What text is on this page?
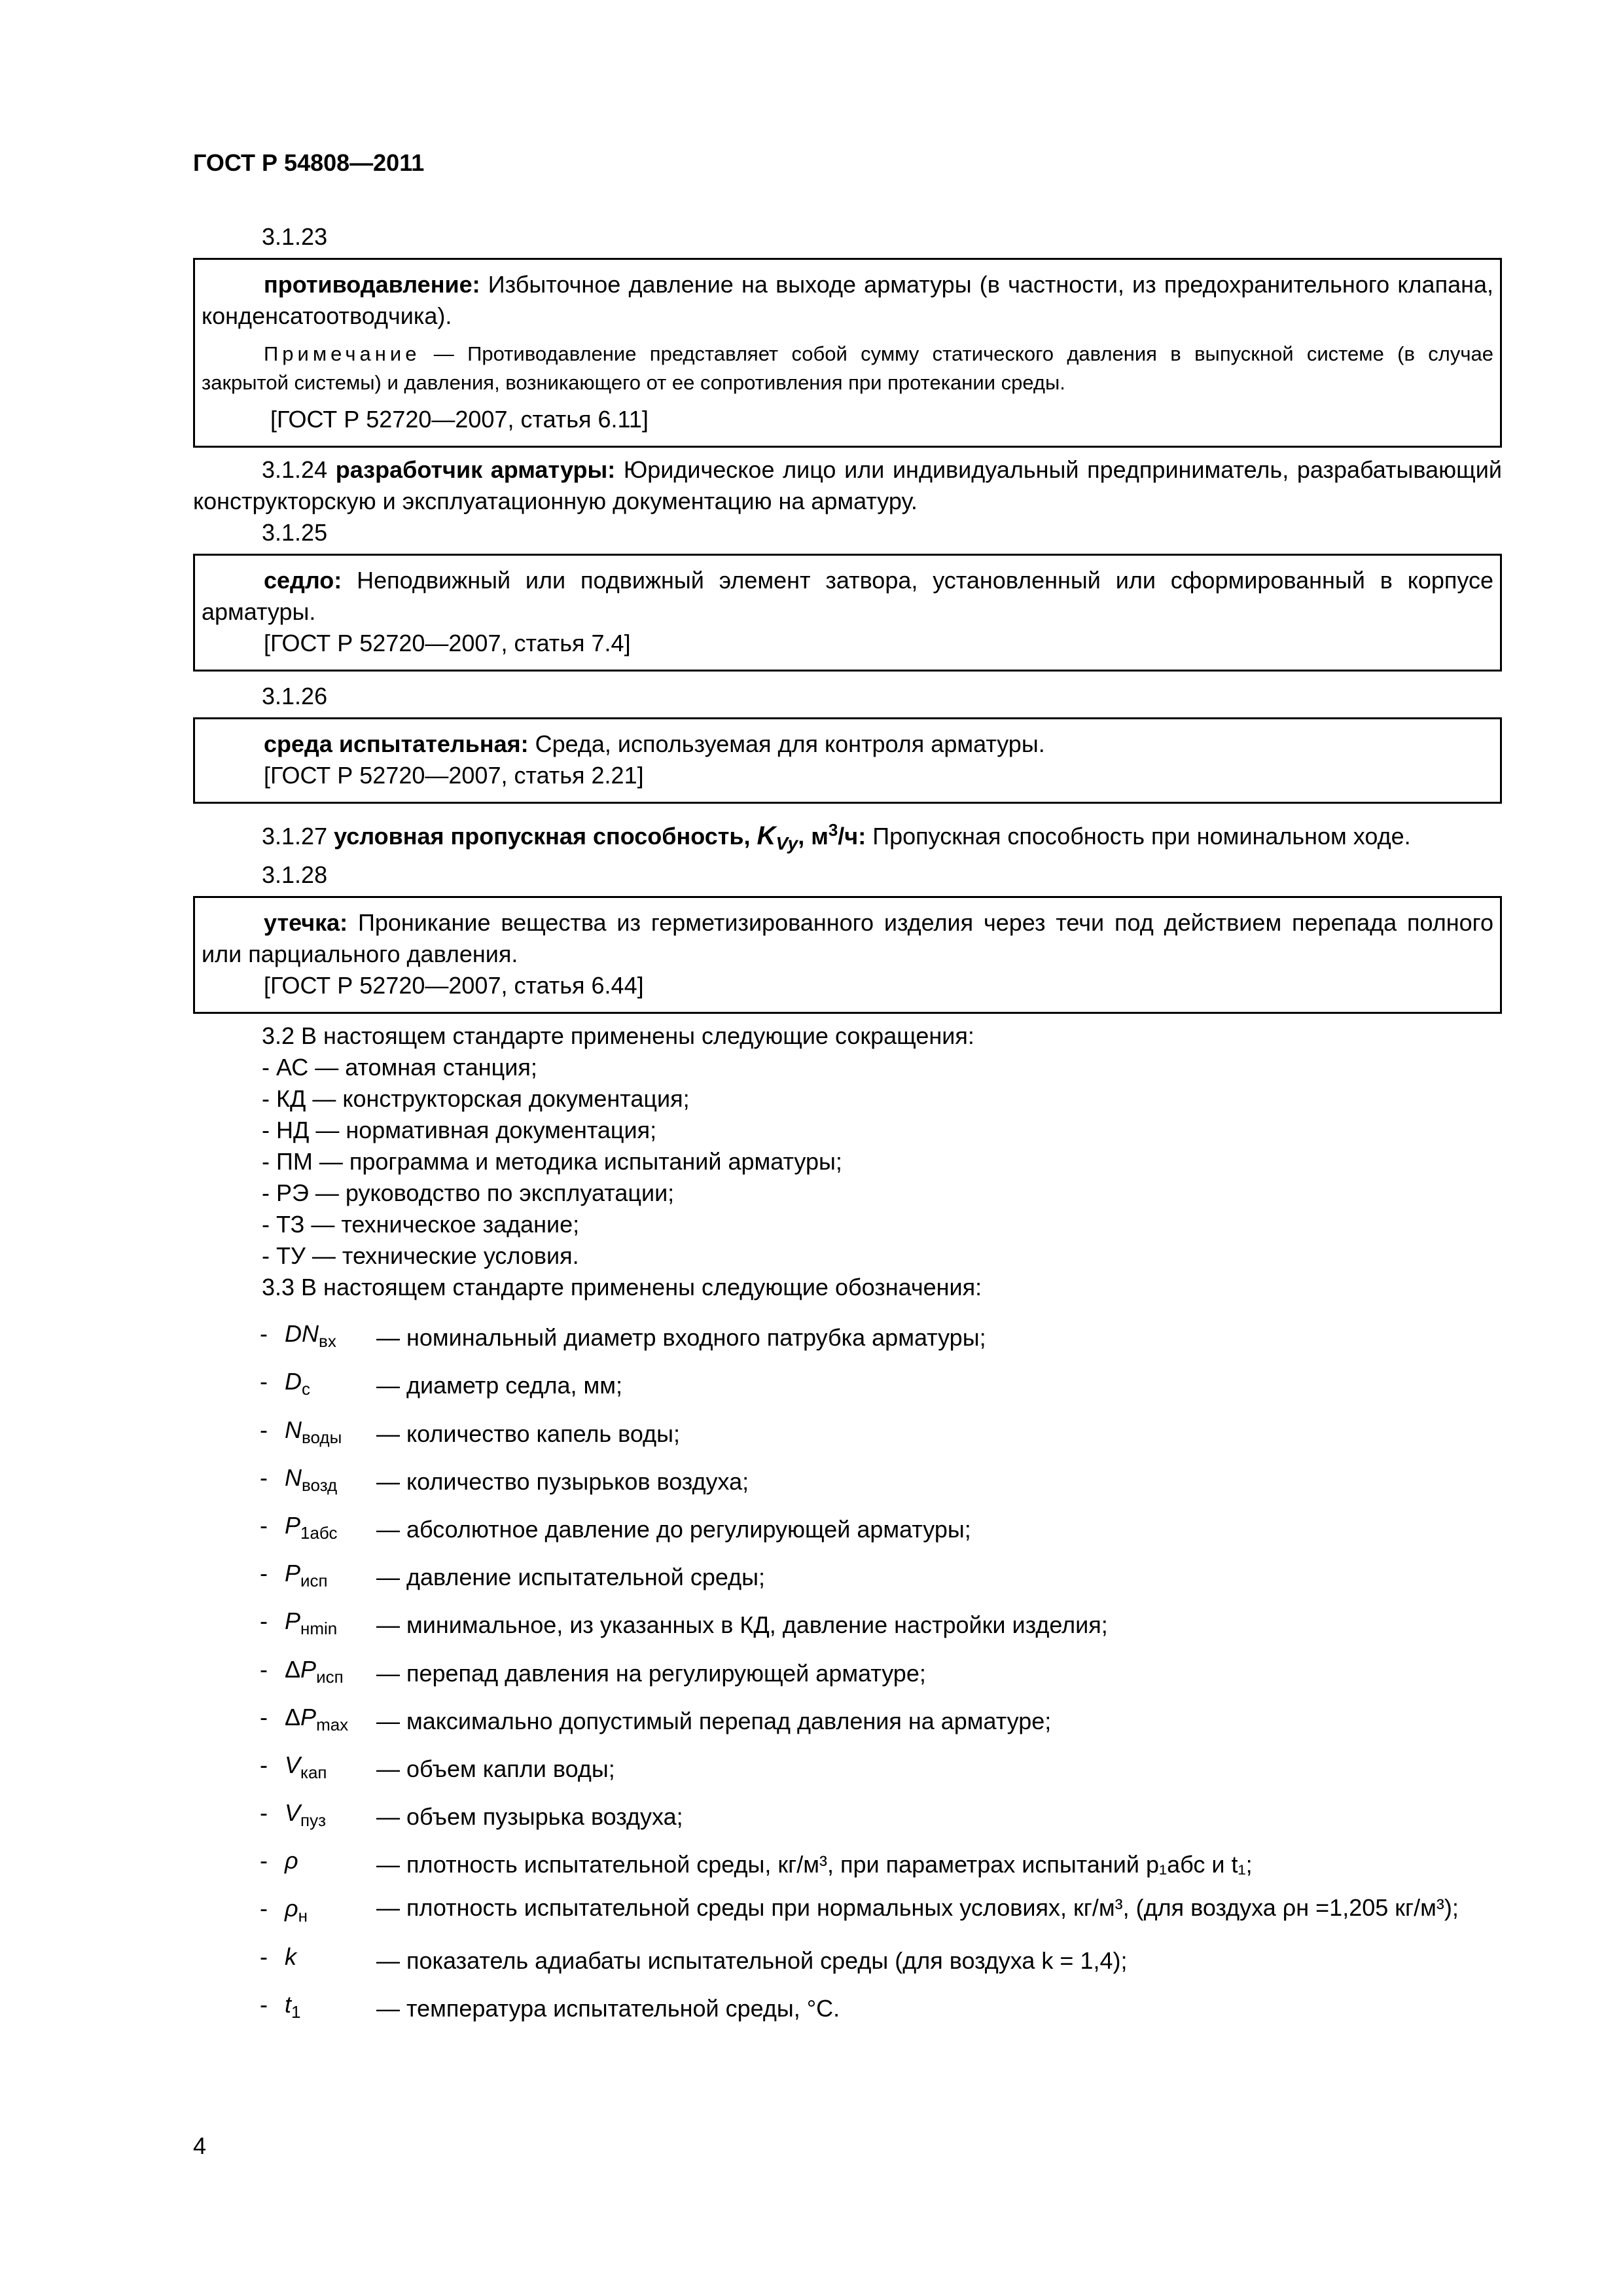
ГОСТ Р 54808—2011

3.1.23

противодавление: Избыточное давление на выходе арматуры (в частности, из предохранительного клапана, конденсатоотводчика).

Примечание — Противодавление представляет собой сумму статического давления в выпускной системе (в случае закрытой системы) и давления, возникающего от ее сопротивления при протекании среды.

[ГОСТ Р 52720—2007, статья 6.11]

3.1.24 разработчик арматуры: Юридическое лицо или индивидуальный предприниматель, разрабатывающий конструкторскую и эксплуатационную документацию на арматуру.

3.1.25

седло: Неподвижный или подвижный элемент затвора, установленный или сформированный в корпусе арматуры.

[ГОСТ Р 52720—2007, статья 7.4]

3.1.26

среда испытательная: Среда, используемая для контроля арматуры.

[ГОСТ Р 52720—2007, статья 2.21]

3.1.27 условная пропускная способность, $K_{Vy}$, $м^3/ч$: Пропускная способность при номинальном ходе.

3.1.28

утечка: Проникание вещества из герметизированного изделия через течи под действием перепада полного или парциального давления.

[ГОСТ Р 52720—2007, статья 6.44]

3.2 В настоящем стандарте применены следующие сокращения:

- АС — атомная станция;
- КД — конструкторская документация;
- НД — нормативная документация;
- ПМ — программа и методика испытаний арматуры;
- РЭ — руководство по эксплуатации;
- ТЗ — техническое задание;
- ТУ — технические условия.

3.3 В настоящем стандарте применены следующие обозначения:

-	$DN_{вх}$	— номинальный диаметр входного патрубка арматуры;
-	$D_с$	— диаметр седла, мм;
-	$N_{воды}$	— количество капель воды;
-	$N_{возд}$	— количество пузырьков воздуха;
-	$P_{1абс}$	— абсолютное давление до регулирующей арматуры;
-	$P_{исп}$	— давление испытательной среды;
-	$P_{нmin}$	— минимальное, из указанных в КД, давление настройки изделия;
-	$\Delta P_{исп}$	— перепад давления на регулирующей арматуре;
-	$\Delta P_{max}$	— максимально допустимый перепад давления на арматуре;
-	$V_{кап}$	— объем капли воды;
-	$V_{пуз}$	— объем пузырька воздуха;
-	ρ	— плотность испытательной среды, кг/м³, при параметрах испытаний p₁абс и t₁;
-	$\rho_н$	— плотность испытательной среды при нормальных условиях, кг/м³, (для воздуха ρн =1,205 кг/м³);
-	k	— показатель адиабаты испытательной среды (для воздуха k = 1,4);
-	$t_1$	— температура испытательной среды, °С.
4
